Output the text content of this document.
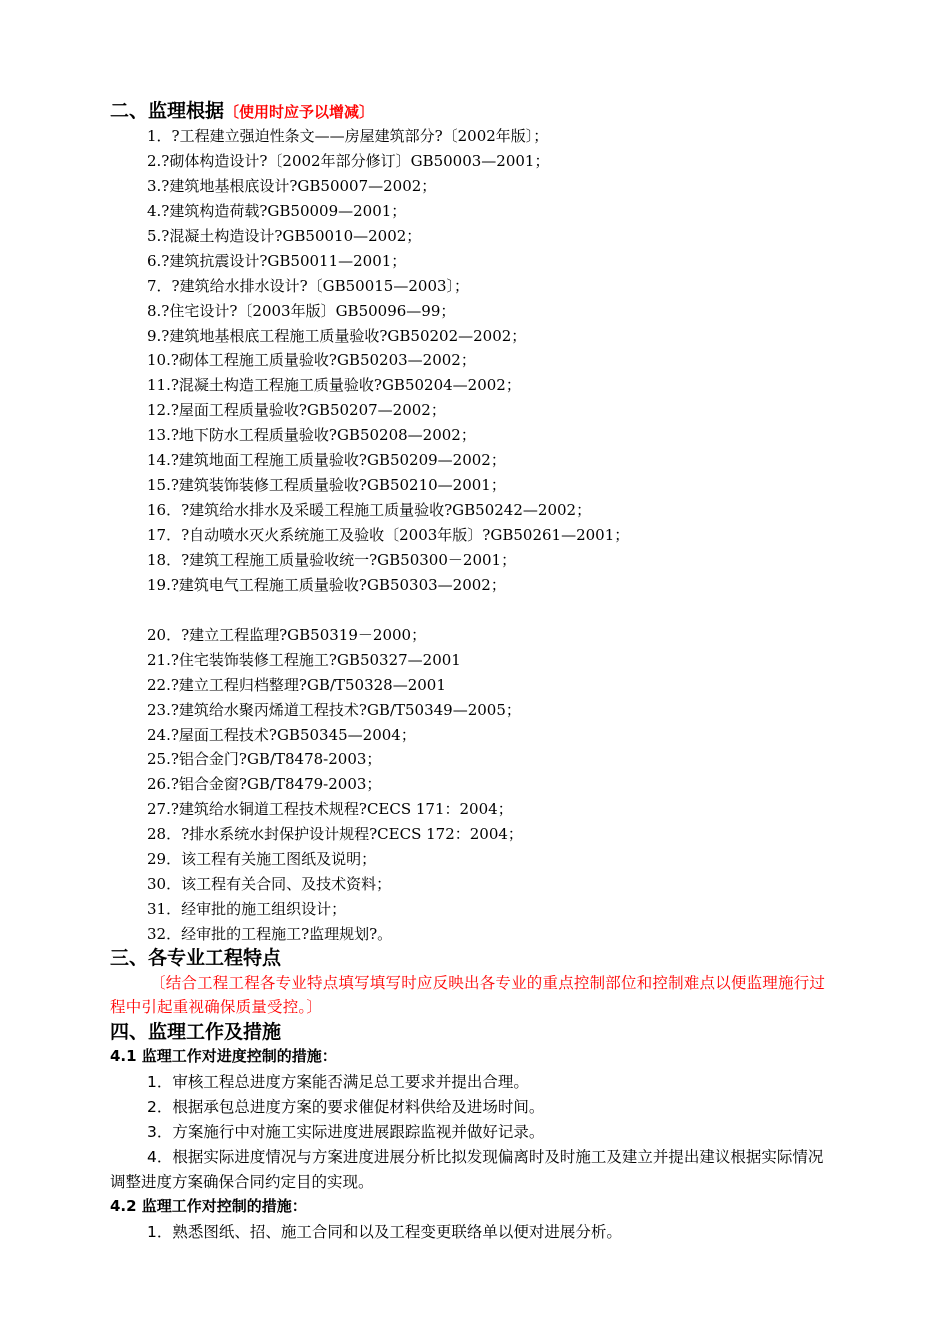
二、监理根据〔使用时应予以增减〕
1．?工程建立强迫性条文——房屋建筑部分?〔2002年版〕；
2.?砌体构造设计?〔2002年部分修订〕GB50003—2001；
3.?建筑地基根底设计?GB50007—2002；
4.?建筑构造荷载?GB50009—2001；
5.?混凝土构造设计?GB50010—2002；
6.?建筑抗震设计?GB50011—2001；
7．?建筑给水排水设计?〔GB50015—2003〕；
8.?住宅设计?〔2003年版〕GB50096—99；
9.?建筑地基根底工程施工质量验收?GB50202—2002；
10.?砌体工程施工质量验收?GB50203—2002；
11.?混凝土构造工程施工质量验收?GB50204—2002；
12.?屋面工程质量验收?GB50207—2002；
13.?地下防水工程质量验收?GB50208—2002；
14.?建筑地面工程施工质量验收?GB50209—2002；
15.?建筑装饰装修工程质量验收?GB50210—2001；
16．?建筑给水排水及采暖工程施工质量验收?GB50242—2002；
17．?自动喷水灭火系统施工及验收〔2003年版〕?GB50261—2001；
18．?建筑工程施工质量验收统一?GB50300－2001；
19.?建筑电气工程施工质量验收?GB50303—2002；
20．?建立工程监理?GB50319－2000；
21.?住宅装饰装修工程施工?GB50327—2001
22.?建立工程归档整理?GB/T50328—2001
23.?建筑给水聚丙烯道工程技术?GB/T50349—2005；
24.?屋面工程技术?GB50345—2004；
25.?铝合金门?GB/T8478-2003；
26.?铝合金窗?GB/T8479-2003；
27.?建筑给水铜道工程技术规程?CECS 171：2004；
28．?排水系统水封保护设计规程?CECS 172：2004；
29．该工程有关施工图纸及说明；
30．该工程有关合同、及技术资料；
31．经审批的施工组织设计；
32．经审批的工程施工?监理规划?。
三、各专业工程特点
〔结合工程工程各专业特点填写填写时应反映出各专业的重点控制部位和控制难点以便监理施行过程中引起重视确保质量受控。〕
四、监理工作及措施
4.1 监理工作对进度控制的措施：
1．审核工程总进度方案能否满足总工要求并提出合理。
2．根据承包总进度方案的要求催促材料供给及进场时间。
3．方案施行中对施工实际进度进展跟踪监视并做好记录。
4．根据实际进度情况与方案进度进展分析比拟发现偏离时及时施工及建立并提出建议根据实际情况调整进度方案确保合同约定目的实现。
4.2 监理工作对控制的措施：
1．熟悉图纸、招、施工合同和以及工程变更联络单以便对进展分析。
